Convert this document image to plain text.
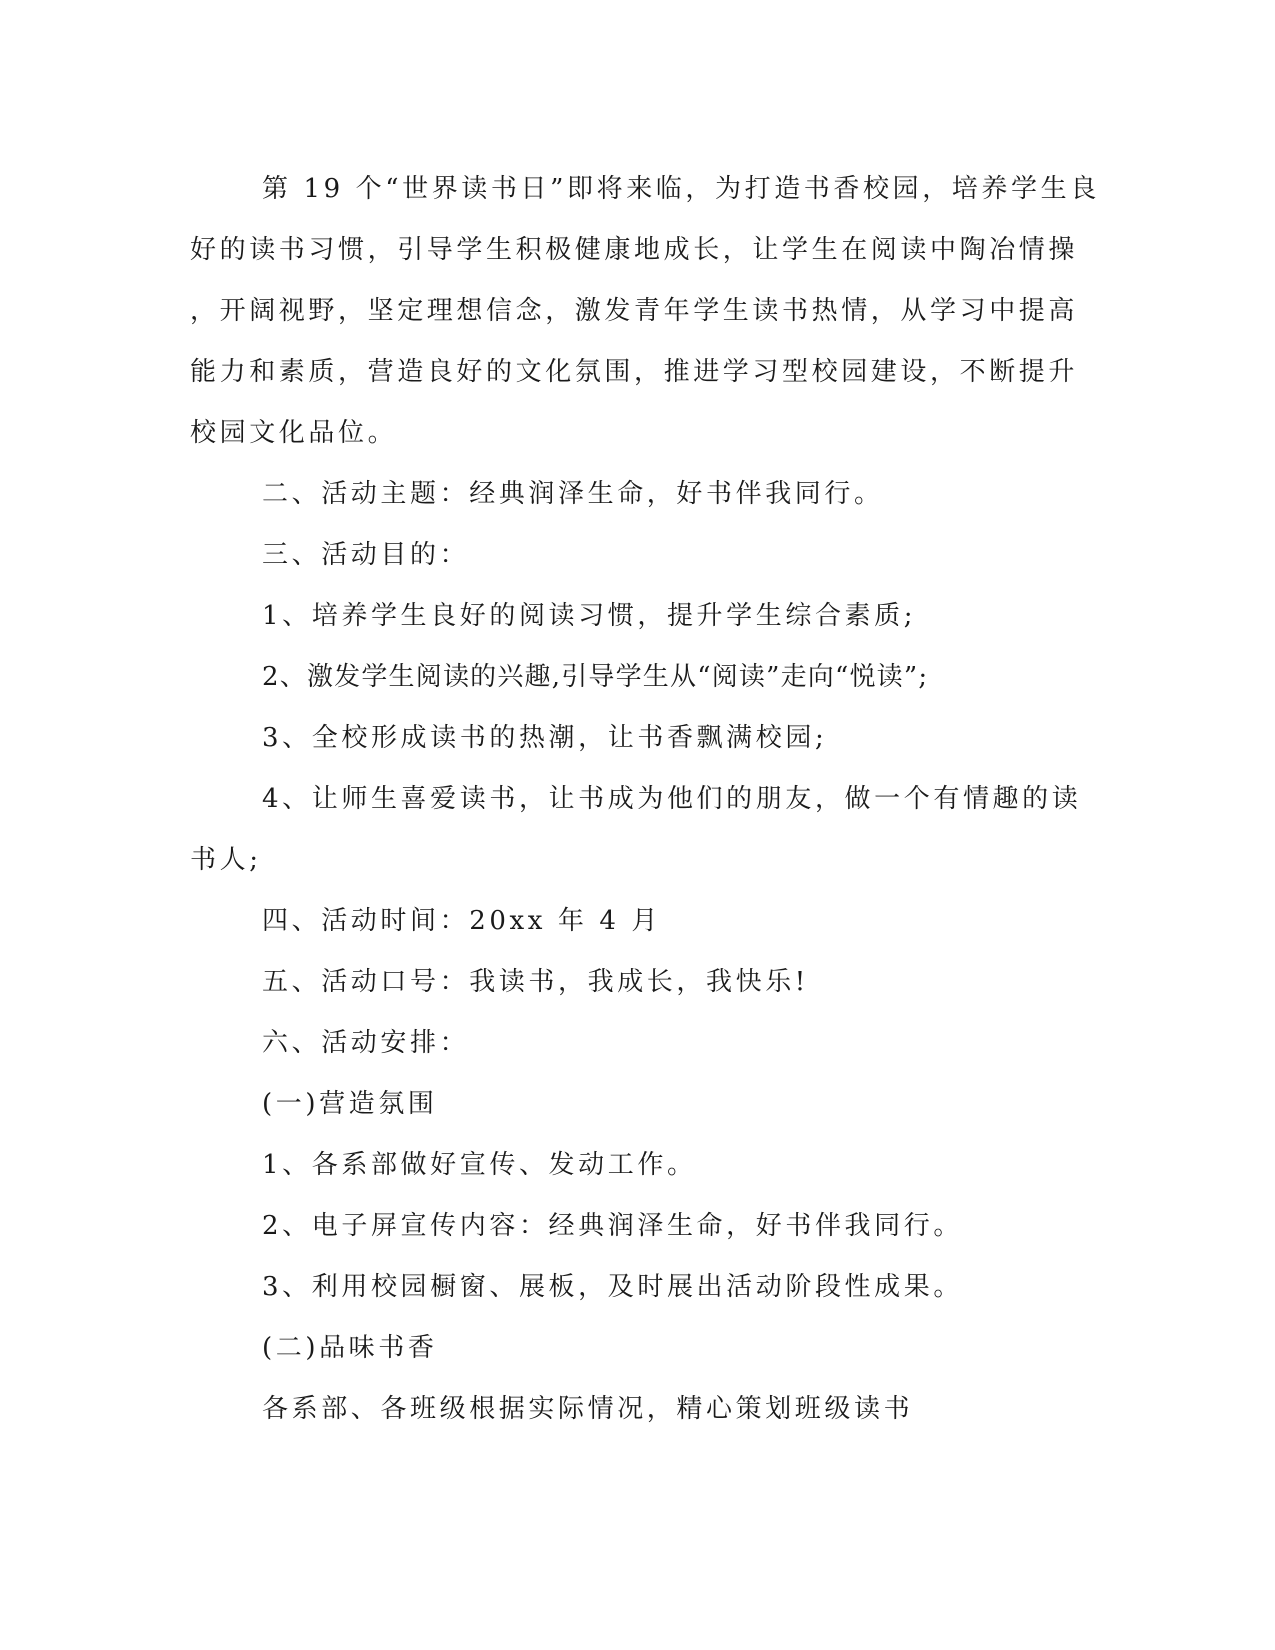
第 19 个“世界读书日”即将来临，为打造书香校园，培养学生良
好的读书习惯，引导学生积极健康地成长，让学生在阅读中陶冶情操
，开阔视野，坚定理想信念，激发青年学生读书热情，从学习中提高
能力和素质，营造良好的文化氛围，推进学习型校园建设，不断提升
校园文化品位。
二、活动主题：经典润泽生命，好书伴我同行。
三、活动目的：
1、培养学生良好的阅读习惯，提升学生综合素质;
2、激发学生阅读的兴趣,引导学生从“阅读”走向“悦读”;
3、全校形成读书的热潮，让书香飘满校园;
4、让师生喜爱读书，让书成为他们的朋友，做一个有情趣的读
书人;
四、活动时间：20xx 年 4 月
五、活动口号：我读书，我成长，我快乐!
六、活动安排：
(一)营造氛围
1、各系部做好宣传、发动工作。
2、电子屏宣传内容：经典润泽生命，好书伴我同行。
3、利用校园橱窗、展板，及时展出活动阶段性成果。
(二)品味书香
各系部、各班级根据实际情况，精心策划班级读书
